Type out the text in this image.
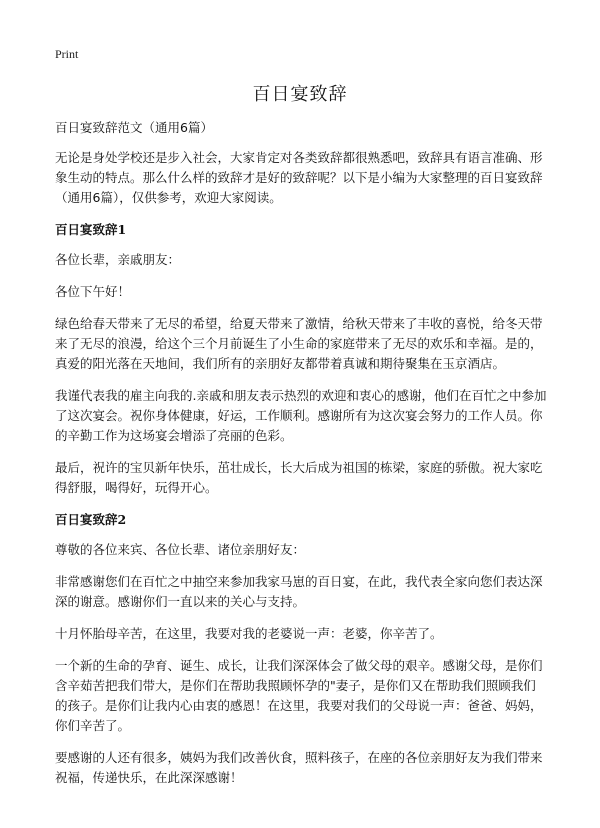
Print
百日宴致辞

百日宴致辞范文（通用6篇）

无论是身处学校还是步入社会，大家肯定对各类致辞都很熟悉吧，致辞具有语言准确、形象生动的特点。那么什么样的致辞才是好的致辞呢？以下是小编为大家整理的百日宴致辞（通用6篇），仅供参考，欢迎大家阅读。

百日宴致辞1

各位长辈，亲戚朋友：

各位下午好！

绿色给春天带来了无尽的希望，给夏天带来了激情，给秋天带来了丰收的喜悦，给冬天带来了无尽的浪漫，给这个三个月前诞生了小生命的家庭带来了无尽的欢乐和幸福。是的，真爱的阳光落在天地间，我们所有的亲朋好友都带着真诚和期待聚集在玉京酒店。

我谨代表我的雇主向我的.亲戚和朋友表示热烈的欢迎和衷心的感谢，他们在百忙之中参加了这次宴会。祝你身体健康，好运，工作顺利。感谢所有为这次宴会努力的工作人员。你的辛勤工作为这场宴会增添了亮丽的色彩。

最后，祝许的宝贝新年快乐，茁壮成长，长大后成为祖国的栋梁，家庭的骄傲。祝大家吃得舒服，喝得好，玩得开心。

百日宴致辞2

尊敬的各位来宾、各位长辈、诸位亲朋好友：

非常感谢您们在百忙之中抽空来参加我家马崽的百日宴，在此，我代表全家向您们表达深深的谢意。感谢你们一直以来的关心与支持。

十月怀胎母辛苦，在这里，我要对我的老婆说一声：老婆，你辛苦了。

一个新的生命的孕育、诞生、成长，让我们深深体会了做父母的艰辛。感谢父母，是你们含辛茹苦把我们带大，是你们在帮助我照顾怀孕的"妻子，是你们又在帮助我们照顾我们的孩子。是你们让我内心由衷的感恩！在这里，我要对我们的父母说一声：爸爸、妈妈，你们辛苦了。

要感谢的人还有很多，姨妈为我们改善伙食，照料孩子，在座的各位亲朋好友为我们带来祝福，传递快乐，在此深深感谢！
